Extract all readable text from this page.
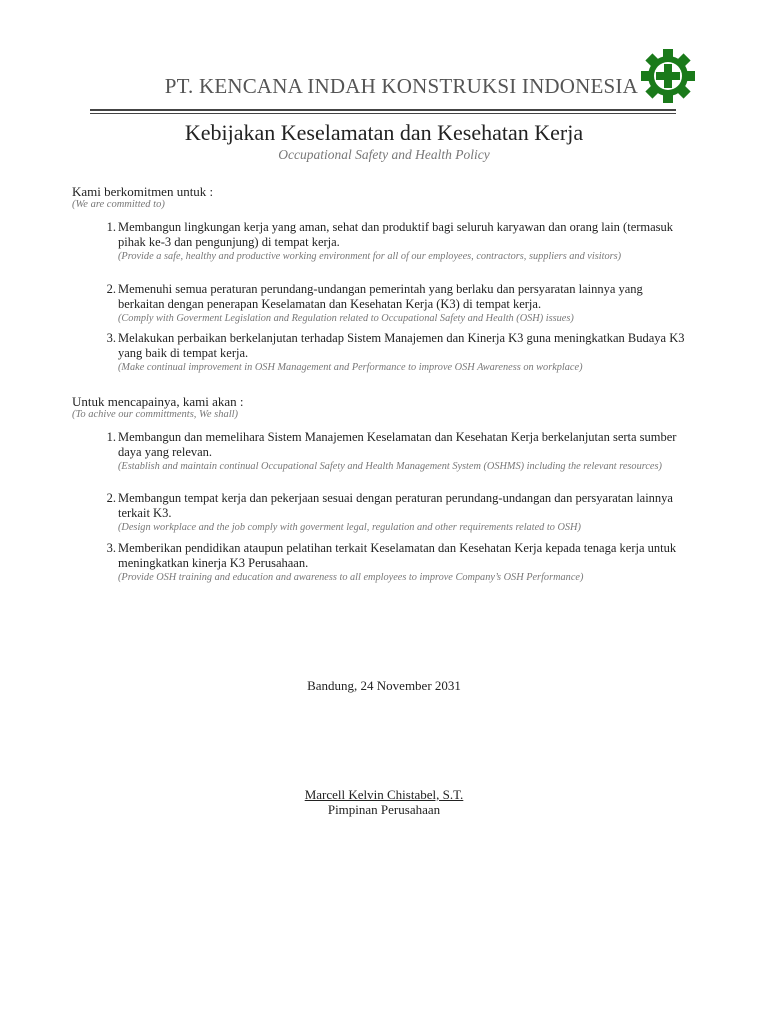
PT. KENCANA INDAH KONSTRUKSI INDONESIA
Kebijakan Keselamatan dan Kesehatan Kerja
Occupational Safety and Health Policy
Kami berkomitmen untuk :
(We are committed to)
1. Membangun lingkungan kerja yang aman, sehat dan produktif bagi seluruh karyawan dan orang lain (termasuk pihak ke-3 dan pengunjung) di tempat kerja.
(Provide a safe, healthy and productive working environment for all of our employees, contractors, suppliers and visitors)
2. Memenuhi semua peraturan perundang-undangan pemerintah yang berlaku dan persyaratan lainnya yang berkaitan dengan penerapan Keselamatan dan Kesehatan Kerja (K3) di tempat kerja.
(Comply with Goverment Legislation and Regulation related to Occupational Safety and Health (OSH) issues)
3. Melakukan perbaikan berkelanjutan terhadap Sistem Manajemen dan Kinerja K3 guna meningkatkan Budaya K3 yang baik di tempat kerja.
(Make continual improvement in OSH Management and Performance to improve OSH Awareness on workplace)
Untuk mencapainya, kami akan :
(To achive our committments, We shall)
1. Membangun dan memelihara Sistem Manajemen Keselamatan dan Kesehatan Kerja berkelanjutan serta sumber daya yang relevan.
(Establish and maintain continual Occupational Safety and Health Management System (OSHMS) including the relevant resources)
2. Membangun tempat kerja dan pekerjaan sesuai dengan peraturan perundang-undangan dan persyaratan lainnya terkait K3.
(Design workplace and the job comply with goverment legal, regulation and other requirements related to OSH)
3. Memberikan pendidikan ataupun pelatihan terkait Keselamatan dan Kesehatan Kerja kepada tenaga kerja untuk meningkatkan kinerja K3 Perusahaan.
(Provide OSH training and education and awareness to all employees to improve Company’s OSH Performance)
Bandung, 24 November 2031
Marcell Kelvin Chistabel, S.T.
Pimpinan Perusahaan
